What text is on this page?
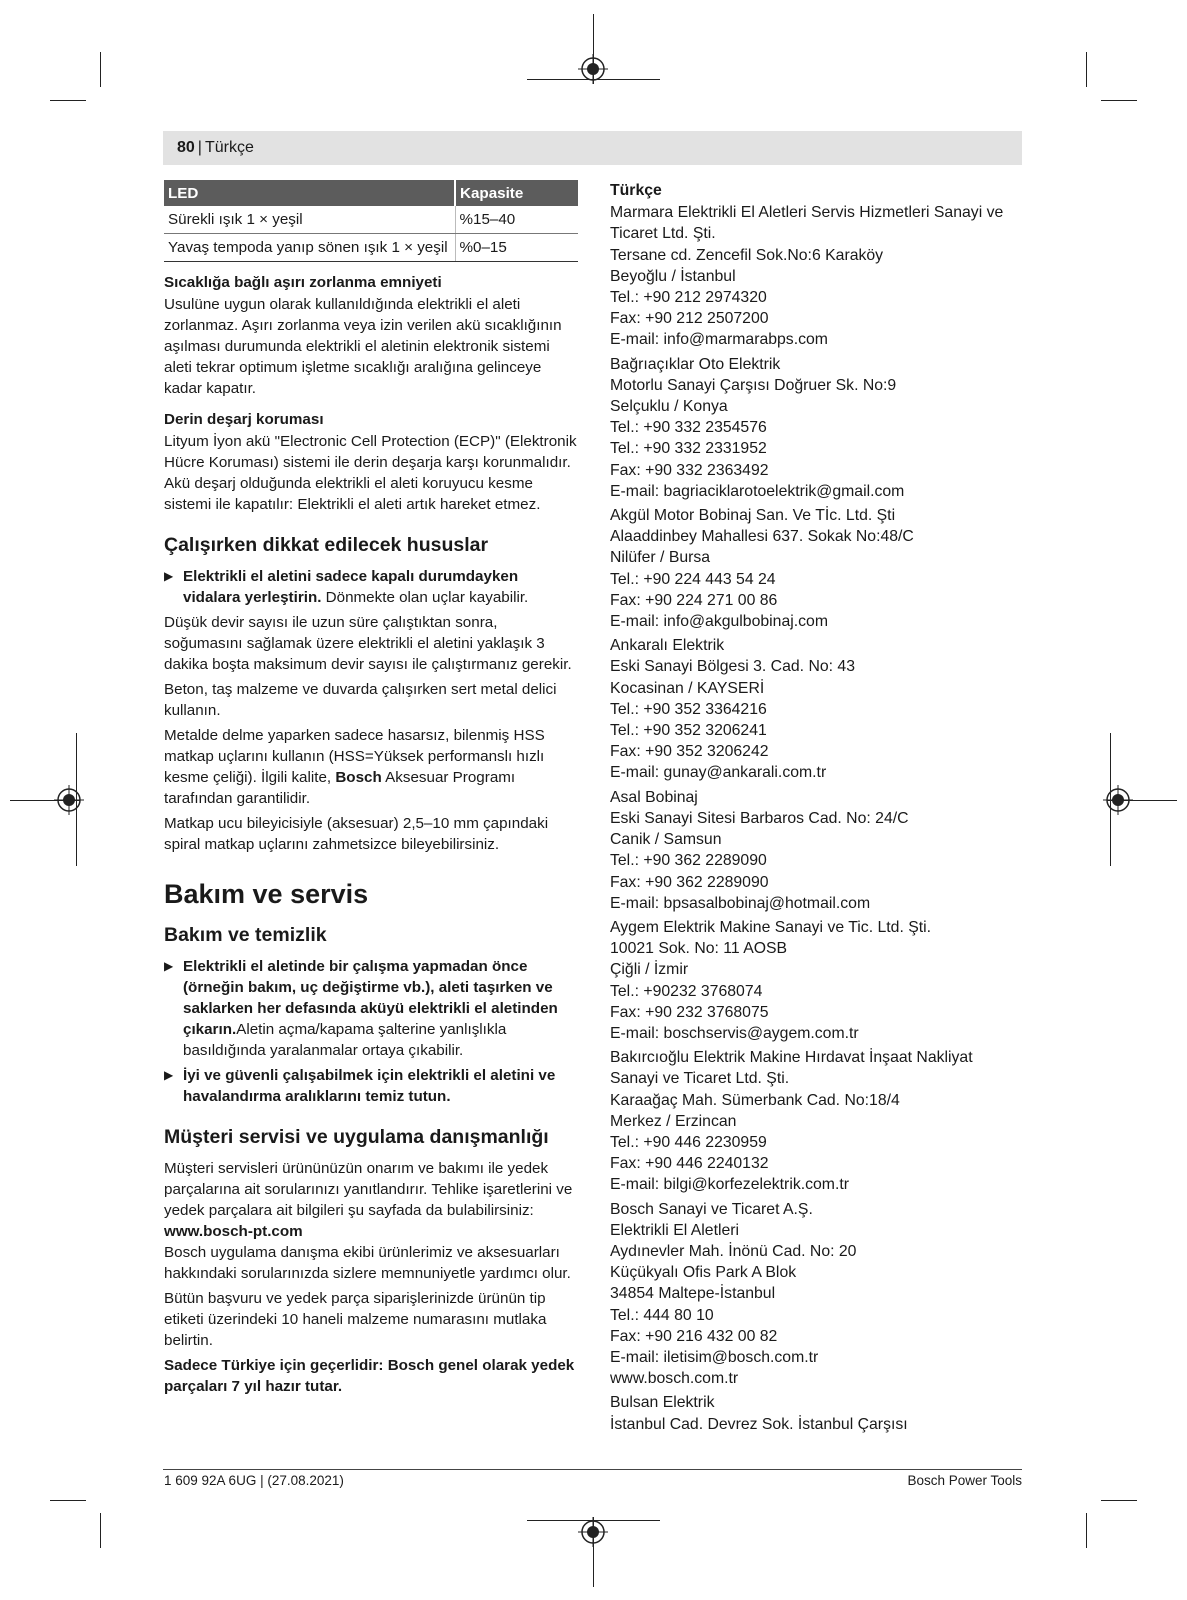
80 | Türkçe
LED	Kapasite
Sürekli ışık 1 × yeşil	%15–40
Yavaş tempoda yanıp sönen ışık 1 × yeşil	%0–15
Sıcaklığa bağlı aşırı zorlanma emniyeti

Usulüne uygun olarak kullanıldığında elektrikli el aleti zorlanmaz. Aşırı zorlanma veya izin verilen akü sıcaklığının aşılması durumunda elektrikli el aletinin elektronik sistemi aleti tekrar optimum işletme sıcaklığı aralığına gelinceye kadar kapatır.

Derin deşarj koruması

Lityum İyon akü "Electronic Cell Protection (ECP)" (Elektronik Hücre Koruması) sistemi ile derin deşarja karşı korunmalıdır. Akü deşarj olduğunda elektrikli el aleti koruyucu kesme sistemi ile kapatılır: Elektrikli el aleti artık hareket etmez.

Çalışırken dikkat edilecek hususlar
▶ Elektrikli el aletini sadece kapalı durumdayken vidalara yerleştirin. Dönmekte olan uçlar kayabilir.

Düşük devir sayısı ile uzun süre çalıştıktan sonra, soğumasını sağlamak üzere elektrikli el aletini yaklaşık 3 dakika boşta maksimum devir sayısı ile çalıştırmanız gerekir.

Beton, taş malzeme ve duvarda çalışırken sert metal delici kullanın.

Metalde delme yaparken sadece hasarsız, bilenmiş HSS matkap uçlarını kullanın (HSS=Yüksek performanslı hızlı kesme çeliği). İlgili kalite, Bosch Aksesuar Programı tarafından garantilidir.

Matkap ucu bileyicisiyle (aksesuar) 2,5–10 mm çapındaki spiral matkap uçlarını zahmetsizce bileyebilirsiniz.

Bakım ve servis
Bakım ve temizlik
▶ Elektrikli el aletinde bir çalışma yapmadan önce (örneğin bakım, uç değiştirme vb.), aleti taşırken ve saklarken her defasında aküyü elektrikli el aletinden çıkarın.Aletin açma/kapama şalterine yanlışlıkla basıldığında yaralanmalar ortaya çıkabilir.
▶ İyi ve güvenli çalışabilmek için elektrikli el aletini ve havalandırma aralıklarını temiz tutun.
Müşteri servisi ve uygulama danışmanlığı

Müşteri servisleri ürününüzün onarım ve bakımı ile yedek parçalarına ait sorularınızı yanıtlandırır. Tehlike işaretlerini ve yedek parçalara ait bilgileri şu sayfada da bulabilirsiniz:

www.bosch-pt.com

Bosch uygulama danışma ekibi ürünlerimiz ve aksesuarları hakkındaki sorularınızda sizlere memnuniyetle yardımcı olur.

Bütün başvuru ve yedek parça siparişlerinizde ürünün tip etiketi üzerindeki 10 haneli malzeme numarasını mutlaka belirtin.

Sadece Türkiye için geçerlidir: Bosch genel olarak yedek parçaları 7 yıl hazır tutar.

Türkçe
Marmara Elektrikli El Aletleri Servis Hizmetleri Sanayi ve Ticaret Ltd. Şti.
Tersane cd. Zencefil Sok.No:6 Karaköy
Beyoğlu / İstanbul
Tel.: +90 212 2974320
Fax: +90 212 2507200
E-mail: info@marmarabps.com
Bağrıaçıklar Oto Elektrik
Motorlu Sanayi Çarşısı Doğruer Sk. No:9
Selçuklu / Konya
Tel.: +90 332 2354576
Tel.: +90 332 2331952
Fax: +90 332 2363492
E-mail: bagriaciklarotoelektrik@gmail.com
Akgül Motor Bobinaj San. Ve Tİc. Ltd. Şti
Alaaddinbey Mahallesi 637. Sokak No:48/C
Nilüfer / Bursa
Tel.: +90 224 443 54 24
Fax: +90 224 271 00 86
E-mail: info@akgulbobinaj.com
Ankaralı Elektrik
Eski Sanayi Bölgesi 3. Cad. No: 43
Kocasinan / KAYSERİ
Tel.: +90 352 3364216
Tel.: +90 352 3206241
Fax: +90 352 3206242
E-mail: gunay@ankarali.com.tr
Asal Bobinaj
Eski Sanayi Sitesi Barbaros Cad. No: 24/C
Canik / Samsun
Tel.: +90 362 2289090
Fax: +90 362 2289090
E-mail: bpsasalbobinaj@hotmail.com
Aygem Elektrik Makine Sanayi ve Tic. Ltd. Şti.
10021 Sok. No: 11 AOSB
Çiğli / İzmir
Tel.: +90232 3768074
Fax: +90 232 3768075
E-mail: boschservis@aygem.com.tr
Bakırcıoğlu Elektrik Makine Hırdavat İnşaat Nakliyat Sanayi ve Ticaret Ltd. Şti.
Karaağaç Mah. Sümerbank Cad. No:18/4
Merkez / Erzincan
Tel.: +90 446 2230959
Fax: +90 446 2240132
E-mail: bilgi@korfezelektrik.com.tr
Bosch Sanayi ve Ticaret A.Ş.
Elektrikli El Aletleri
Aydınevler Mah. İnönü Cad. No: 20
Küçükyalı Ofis Park A Blok
34854 Maltepe-İstanbul
Tel.: 444 80 10
Fax: +90 216 432 00 82
E-mail: iletisim@bosch.com.tr
www.bosch.com.tr
Bulsan Elektrik
İstanbul Cad. Devrez Sok. İstanbul Çarşısı
1 609 92A 6UG | (27.08.2021)	Bosch Power Tools
